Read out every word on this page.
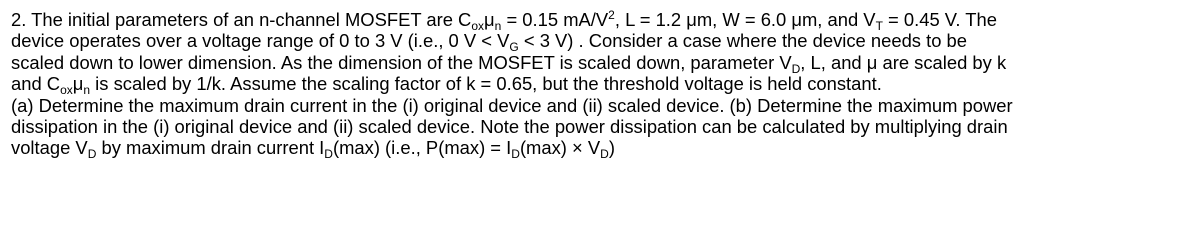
2. The initial parameters of an n-channel MOSFET are $C_{ox}\mu_n = 0.15$ $mA/V^2$, L = 1.2 μm, W = 6.0 μm, and $V_T = 0.45$ V. The
device operates over a voltage range of 0 to 3 V (i.e., 0 $V < V_G < 3$ V) . Consider a case where the device needs to be
scaled down to lower dimension. As the dimension of the MOSFET is scaled down, parameter $V_D$, L, and μ are scaled by k
and $C_{ox}\mu_n$ is scaled by 1/k. Assume the scaling factor of k = 0.65, but the threshold voltage is held constant.
(a) Determine the maximum drain current in the (i) original device and (ii) scaled device. (b) Determine the maximum power
dissipation in the (i) original device and (ii) scaled device. Note the power dissipation can be calculated by multiplying drain
voltage $V_D$ by maximum drain current $I_D(\max)$ (i.e., $P(\max) = I_D(\max) \times V_D$)
